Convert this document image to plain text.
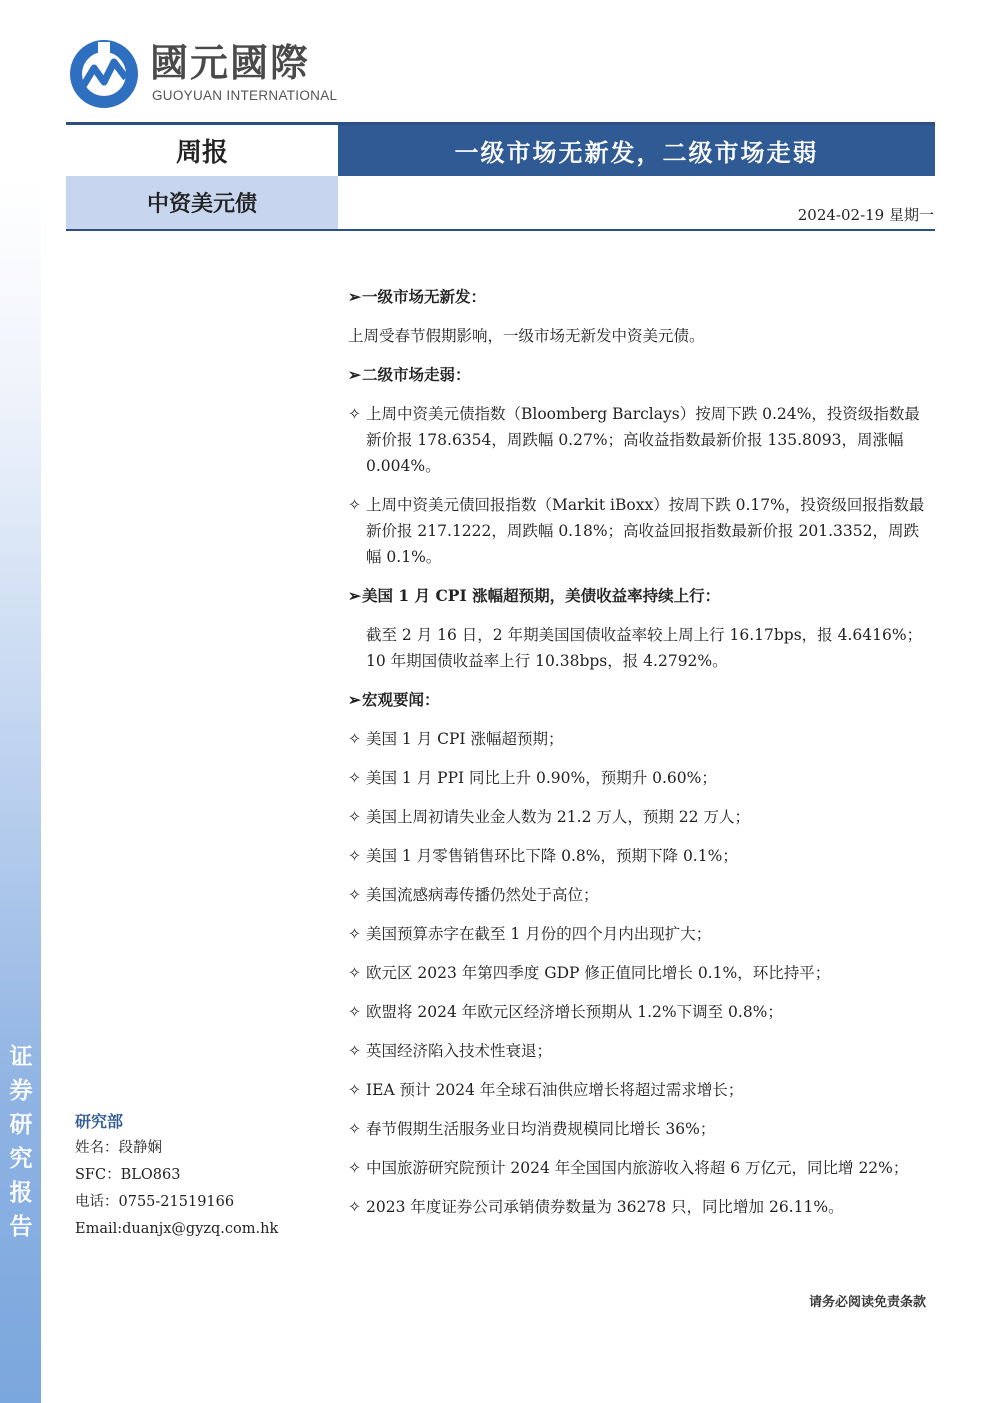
國元國際
GUOYUAN INTERNATIONAL
周报	一级市场无新发，二级市场走弱
中资美元债	2024-02-19 星期一
证
券
研
究
报
告
研究部
姓名：段静娴
SFC：BLO863
电话：0755-21519166
Email:duanjx@gyzq.com.hk
➢一级市场无新发：
上周受春节假期影响，一级市场无新发中资美元债。
➢二级市场走弱：
✧ 上周中资美元债指数（Bloomberg Barclays）按周下跌 0.24%，投资级指数最新价报 178.6354，周跌幅 0.27%；高收益指数最新价报 135.8093，周涨幅 0.004%。
✧ 上周中资美元债回报指数（Markit iBoxx）按周下跌 0.17%，投资级回报指数最新价报 217.1222，周跌幅 0.18%；高收益回报指数最新价报 201.3352，周跌幅 0.1%。
➢美国 1 月 CPI 涨幅超预期，美债收益率持续上行：
截至 2 月 16 日，2 年期美国国债收益率较上周上行 16.17bps，报 4.6416%；10 年期国债收益率上行 10.38bps，报 4.2792%。
➢宏观要闻：
✧ 美国 1 月 CPI 涨幅超预期；
✧ 美国 1 月 PPI 同比上升 0.90%，预期升 0.60%；
✧ 美国上周初请失业金人数为 21.2 万人，预期 22 万人；
✧ 美国 1 月零售销售环比下降 0.8%，预期下降 0.1%；
✧ 美国流感病毒传播仍然处于高位；
✧ 美国预算赤字在截至 1 月份的四个月内出现扩大；
✧ 欧元区 2023 年第四季度 GDP 修正值同比增长 0.1%，环比持平；
✧ 欧盟将 2024 年欧元区经济增长预期从 1.2%下调至 0.8%；
✧ 英国经济陷入技术性衰退；
✧ IEA 预计 2024 年全球石油供应增长将超过需求增长；
✧ 春节假期生活服务业日均消费规模同比增长 36%；
✧ 中国旅游研究院预计 2024 年全国国内旅游收入将超 6 万亿元，同比增 22%；
✧ 2023 年度证券公司承销债券数量为 36278 只，同比增加 26.11%。
请务必阅读免责条款
